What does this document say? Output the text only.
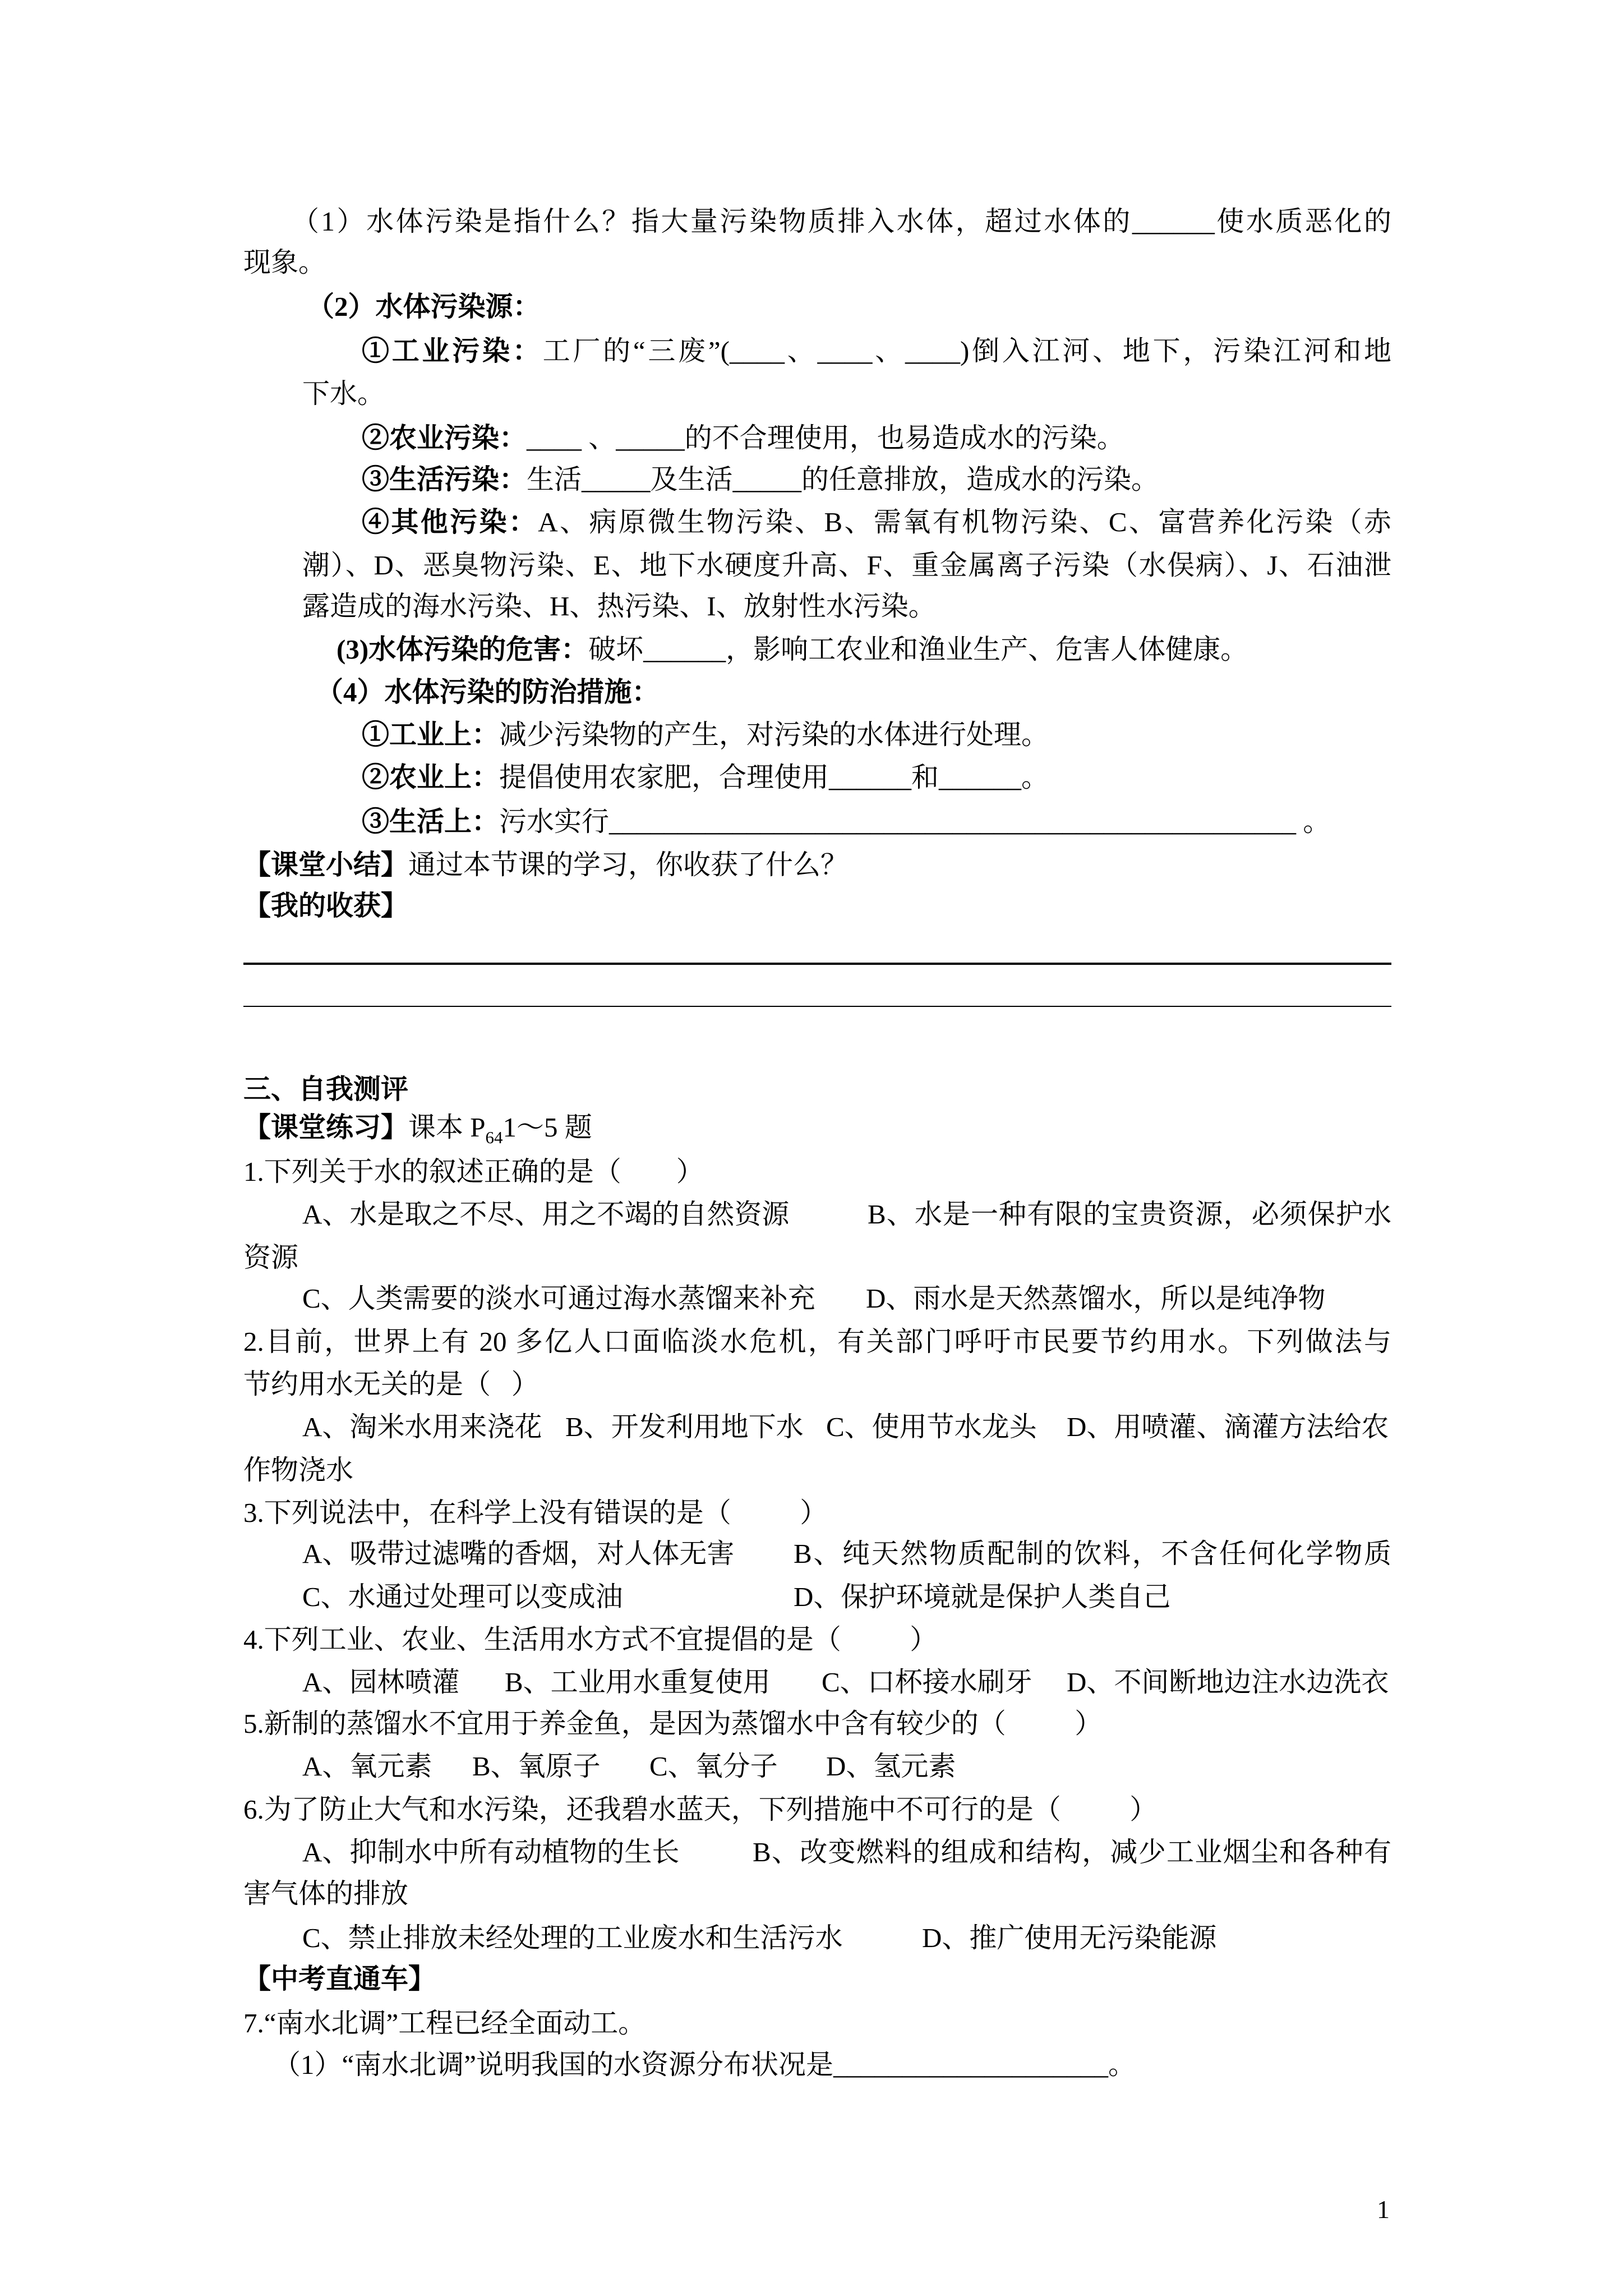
（1）水体污染是指什么？指大量污染物质排入水体，超过水体的______使水质恶化的
现象。
（2）水体污染源：
①工业污染：工厂的“三废”(____、____、____)倒入江河、地下，污染江河和地
下水。
②农业污染：____ 、_____的不合理使用，也易造成水的污染。
③生活污染：生活_____及生活_____的任意排放，造成水的污染。
④其他污染：A、病原微生物污染、B、需氧有机物污染、C、富营养化污染（赤
潮）、D、恶臭物污染、E、地下水硬度升高、F、重金属离子污染（水俣病）、J、石油泄
露造成的海水污染、H、热污染、I、放射性水污染。
(3)水体污染的危害：破坏______，影响工农业和渔业生产、危害人体健康。
（4）水体污染的防治措施：
①工业上：减少污染物的产生，对污染的水体进行处理。
②农业上：提倡使用农家肥，合理使用______和______。
③生活上：污水实行__________________________________________________ 。
【课堂小结】通过本节课的学习，你收获了什么？
【我的收获】
三、自我测评
【课堂练习】课本 $P_{64}1\sim 5$ 题
1.下列关于水的叙述正确的是（        ）
A、水是取之不尽、用之不竭的自然资源	B、水是一种有限的宝贵资源，必须保护水
资源
C、人类需要的淡水可通过海水蒸馏来补充 D、雨水是天然蒸馏水，所以是纯净物
2.目前，世界上有 20 多亿人口面临淡水危机，有关部门呼吁市民要节约用水。下列做法与
节约用水无关的是（   ）
A、淘米水用来浇花 B、开发利用地下水 C、使用节水龙头 D、用喷灌、滴灌方法给农
作物浇水
3.下列说法中，在科学上没有错误的是（          ）
A、吸带过滤嘴的香烟，对人体无害 B、纯天然物质配制的饮料，不含任何化学物质
C、水通过处理可以变成油	D、保护环境就是保护人类自己
4.下列工业、农业、生活用水方式不宜提倡的是（          ）
A、园林喷灌 B、工业用水重复使用 C、口杯接水刷牙 D、不间断地边注水边洗衣
5.新制的蒸馏水不宜用于养金鱼，是因为蒸馏水中含有较少的（          ）
A、氧元素 B、氧原子 C、氧分子 D、氢元素
6.为了防止大气和水污染，还我碧水蓝天，下列措施中不可行的是（          ）
A、抑制水中所有动植物的生长	B、改变燃料的组成和结构，减少工业烟尘和各种有
害气体的排放
C、禁止排放未经处理的工业废水和生活污水	D、推广使用无污染能源
【中考直通车】
7.“南水北调”工程已经全面动工。
（1）“南水北调”说明我国的水资源分布状况是____________________。
1
